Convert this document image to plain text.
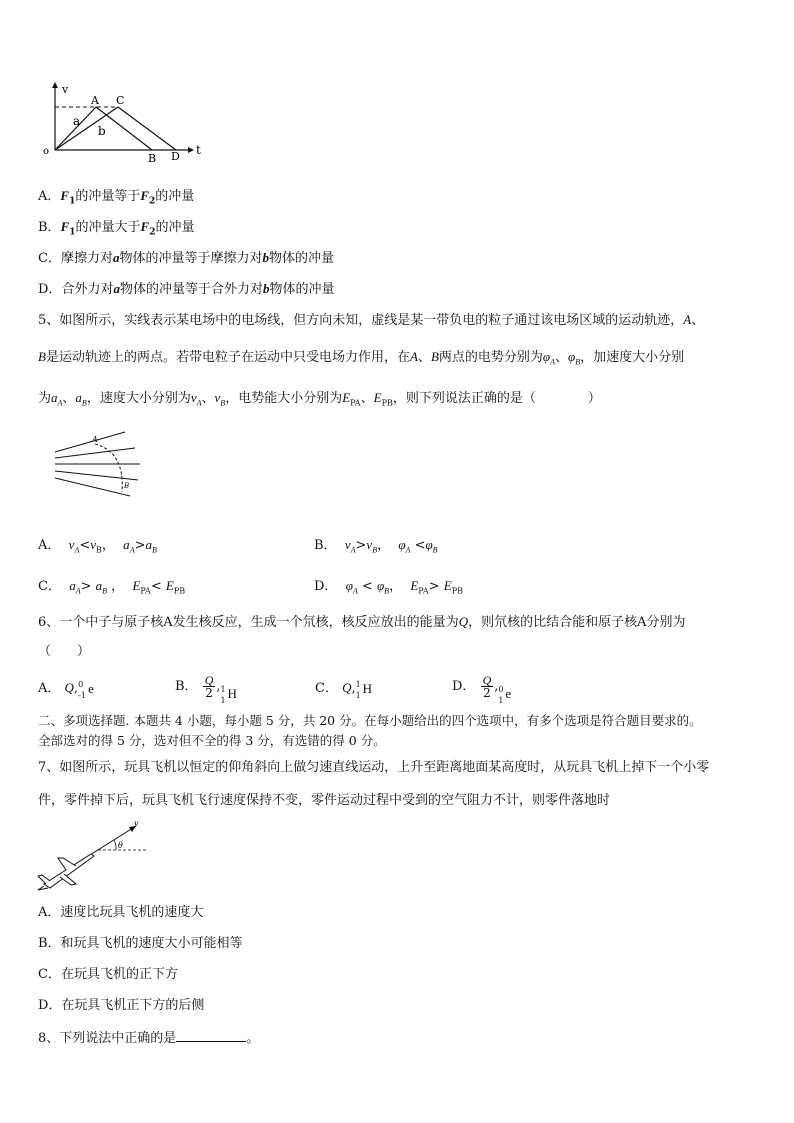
v
t
o
A C
B D
a
b
A．$F_1$的冲量等于$F_2$的冲量
B．$F_1$的冲量大于$F_2$的冲量
C．摩擦力对a物体的冲量等于摩擦力对b物体的冲量
D．合外力对a物体的冲量等于合外力对b物体的冲量
5、如图所示，实线表示某电场中的电场线，但方向未知，虚线是某一带负电的粒子通过该电场区域的运动轨迹，A、
B是运动轨迹上的两点。若带电粒子在运动中只受电场力作用，在A、B两点的电势分别为$\varphi_A$、$\varphi_B$，加速度大小分别
为$a_A$、$a_B$，速度大小分别为$v_A$、$v_B$，电势能大小分别为$E_{PA}$、$E_{PB}$，则下列说法正确的是（　　　　）
A
B
A． $v_A<v_B$，  $a_A>a_B$	B． $v_A>v_B$，  $\varphi_A <\varphi_B$
C． $a_A> a_B$ ，  $E_{PA}< E_{PB}$	D． $\varphi_A < \varphi_B$，  $E_{PA}> E_{PB}$
6、一个中子与原子核A发生核反应，生成一个氘核，核反应放出的能量为Q，则氘核的比结合能和原子核A分别为
（　　）
A． Q, 0
-1 e	B． $\frac{Q}{2}$ , 1
1 H	C． Q, 1
1 H	D． $\frac{Q}{2}$ , 0
1 e
二、多项选择题. 本题共 4 小题，每小题 5 分，共 20 分。在每小题给出的四个选项中，有多个选项是符合题目要求的。
全部选对的得 5 分，选对但不全的得 3 分，有选错的得 0 分。
7、如图所示，玩具飞机以恒定的仰角斜向上做匀速直线运动，上升至距离地面某高度时，从玩具飞机上掉下一个小零
件，零件掉下后，玩具飞机飞行速度保持不变，零件运动过程中受到的空气阻力不计，则零件落地时
v
θ
A．速度比玩具飞机的速度大
B．和玩具飞机的速度大小可能相等
C．在玩具飞机的正下方
D．在玩具飞机正下方的后侧
8、下列说法中正确的是	。
